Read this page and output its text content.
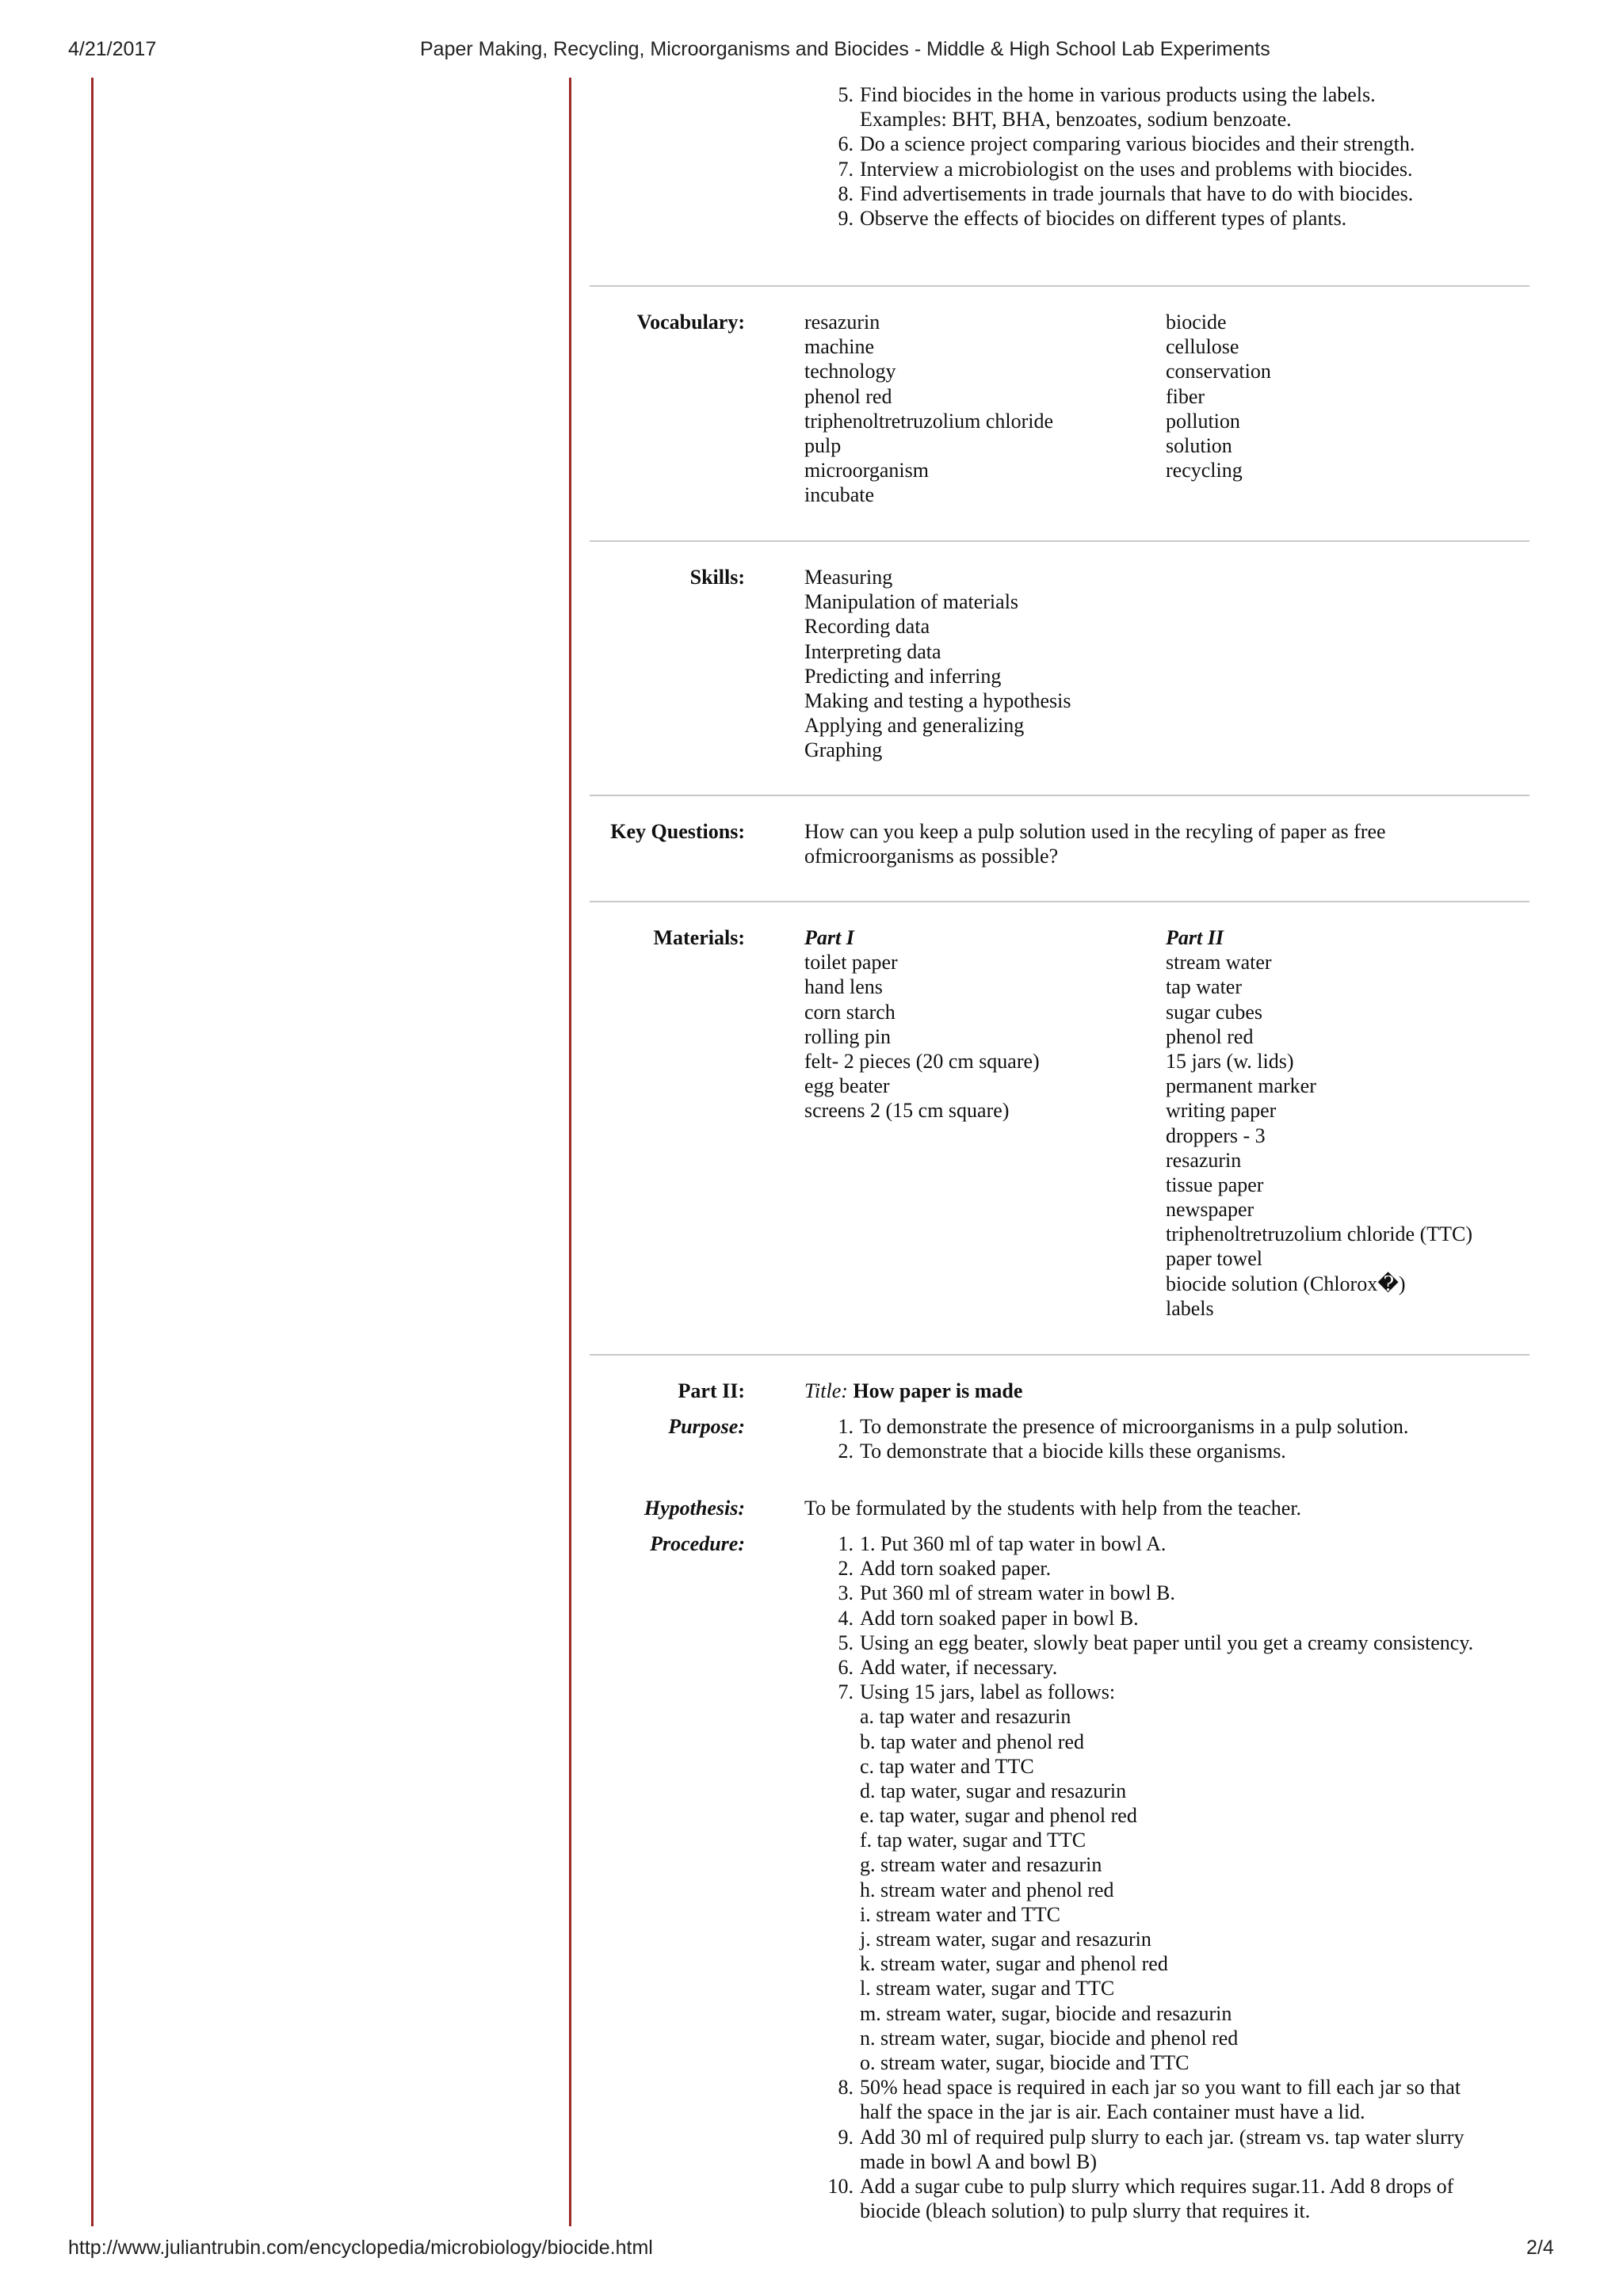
4/21/2017	Paper Making, Recycling, Microorganisms and Biocides - Middle & High School Lab Experiments
5. Find biocides in the home in various products using the labels.
Examples: BHT, BHA, benzoates, sodium benzoate.
6. Do a science project comparing various biocides and their strength.
7. Interview a microbiologist on the uses and problems with biocides.
8. Find advertisements in trade journals that have to do with biocides.
9. Observe the effects of biocides on different types of plants.
Vocabulary:	resazurin
machine
technology
phenol red
triphenoltretruzolium chloride
pulp
microorganism
incubate
biocide
cellulose
conservation
fiber
pollution
solution
recycling
Skills:	Measuring
Manipulation of materials
Recording data
Interpreting data
Predicting and inferring
Making and testing a hypothesis
Applying and generalizing
Graphing
Key Questions:	How can you keep a pulp solution used in the recyling of paper as free
ofmicroorganisms as possible?
Materials:	Part I
toilet paper
hand lens
corn starch
rolling pin
felt- 2 pieces (20 cm square)
egg beater
screens 2 (15 cm square)
Part II
stream water
tap water
sugar cubes
phenol red
15 jars (w. lids)
permanent marker
writing paper
droppers - 3
resazurin
tissue paper
newspaper
triphenoltretruzolium chloride (TTC)
paper towel
biocide solution (Chlorox�)
labels
Part II:	Title: How paper is made
Purpose:	1. To demonstrate the presence of microorganisms in a pulp solution.
2. To demonstrate that a biocide kills these organisms.
Hypothesis:	To be formulated by the students with help from the teacher.
Procedure:	1. 1. Put 360 ml of tap water in bowl A.
2. Add torn soaked paper.
3. Put 360 ml of stream water in bowl B.
4. Add torn soaked paper in bowl B.
5. Using an egg beater, slowly beat paper until you get a creamy consistency.
6. Add water, if necessary.
7. Using 15 jars, label as follows:
a. tap water and resazurin
b. tap water and phenol red
c. tap water and TTC
d. tap water, sugar and resazurin
e. tap water, sugar and phenol red
f. tap water, sugar and TTC
g. stream water and resazurin
h. stream water and phenol red
i. stream water and TTC
j. stream water, sugar and resazurin
k. stream water, sugar and phenol red
l. stream water, sugar and TTC
m. stream water, sugar, biocide and resazurin
n. stream water, sugar, biocide and phenol red
o. stream water, sugar, biocide and TTC
8. 50% head space is required in each jar so you want to fill each jar so that
half the space in the jar is air. Each container must have a lid.
9. Add 30 ml of required pulp slurry to each jar. (stream vs. tap water slurry
made in bowl A and bowl B)
10. Add a sugar cube to pulp slurry which requires sugar.11. Add 8 drops of
biocide (bleach solution) to pulp slurry that requires it.
http://www.juliantrubin.com/encyclopedia/microbiology/biocide.html	2/4
